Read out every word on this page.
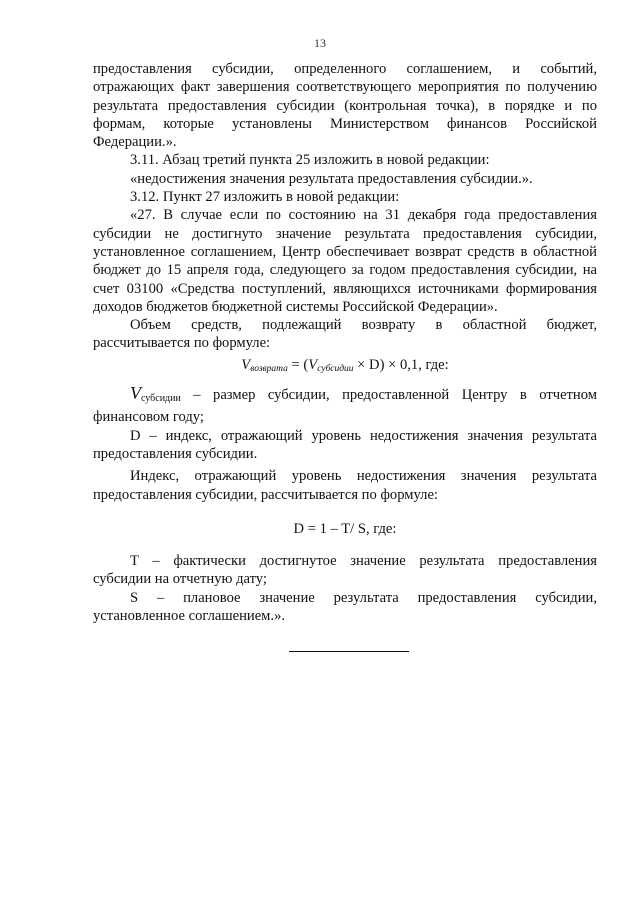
13

предоставления субсидии, определенного соглашением, и событий, отражающих факт завершения соответствующего мероприятия по получению результата предоставления субсидии (контрольная точка), в порядке и по формам, которые установлены Министерством финансов Российской Федерации.».

3.11. Абзац третий пункта 25 изложить в новой редакции:

«недостижения значения результата предоставления субсидии.».

3.12. Пункт 27 изложить в новой редакции:

«27. В случае если по состоянию на 31 декабря года предоставления субсидии не достигнуто значение результата предоставления субсидии, установленное соглашением, Центр обеспечивает возврат средств в областной бюджет до 15 апреля года, следующего за годом предоставления субсидии, на счет 03100 «Средства поступлений, являющихся источниками формирования доходов бюджетов бюджетной системы Российской Федерации».

Объем средств, подлежащий возврату в областной бюджет, рассчитывается по формуле:

$V_{возврата} = (V_{субсидии} \times D) \times 0,1$, где:

Vсубсидии – размер субсидии, предоставленной Центру в отчетном финансовом году;

D – индекс, отражающий уровень недостижения значения результата предоставления субсидии.

Индекс, отражающий уровень недостижения значения результата предоставления субсидии, рассчитывается по формуле:

D = 1 – T/ S, где:

T – фактически достигнутое значение результата предоставления субсидии на отчетную дату;

S – плановое значение результата предоставления субсидии, установленное соглашением.».
